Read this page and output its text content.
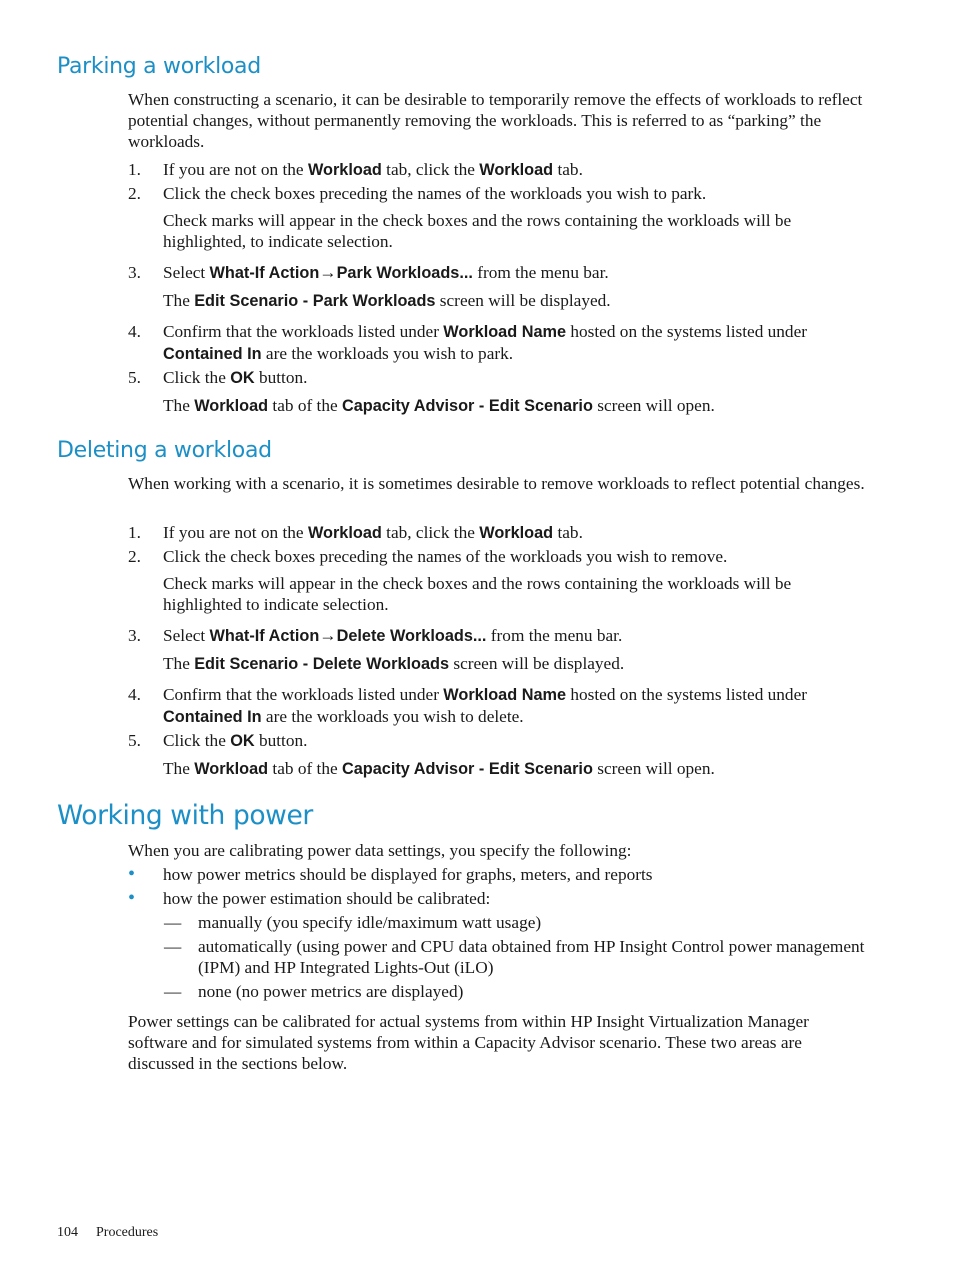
Parking a workload
When constructing a scenario, it can be desirable to temporarily remove the effects of workloads to reflect potential changes, without permanently removing the workloads. This is referred to as “parking” the workloads.
1. If you are not on the Workload tab, click the Workload tab.
2. Click the check boxes preceding the names of the workloads you wish to park.
Check marks will appear in the check boxes and the rows containing the workloads will be highlighted, to indicate selection.
3. Select What-If Action→Park Workloads... from the menu bar.
The Edit Scenario - Park Workloads screen will be displayed.
4. Confirm that the workloads listed under Workload Name hosted on the systems listed under Contained In are the workloads you wish to park.
5. Click the OK button.
The Workload tab of the Capacity Advisor - Edit Scenario screen will open.
Deleting a workload
When working with a scenario, it is sometimes desirable to remove workloads to reflect potential changes.
1. If you are not on the Workload tab, click the Workload tab.
2. Click the check boxes preceding the names of the workloads you wish to remove.
Check marks will appear in the check boxes and the rows containing the workloads will be highlighted to indicate selection.
3. Select What-If Action→Delete Workloads... from the menu bar.
The Edit Scenario - Delete Workloads screen will be displayed.
4. Confirm that the workloads listed under Workload Name hosted on the systems listed under Contained In are the workloads you wish to delete.
5. Click the OK button.
The Workload tab of the Capacity Advisor - Edit Scenario screen will open.
Working with power
When you are calibrating power data settings, you specify the following:
• how power metrics should be displayed for graphs, meters, and reports
• how the power estimation should be calibrated:
— manually (you specify idle/maximum watt usage)
— automatically (using power and CPU data obtained from HP Insight Control power management (IPM) and HP Integrated Lights-Out (iLO)
— none (no power metrics are displayed)
Power settings can be calibrated for actual systems from within HP Insight Virtualization Manager software and for simulated systems from within a Capacity Advisor scenario. These two areas are discussed in the sections below.
104 Procedures
